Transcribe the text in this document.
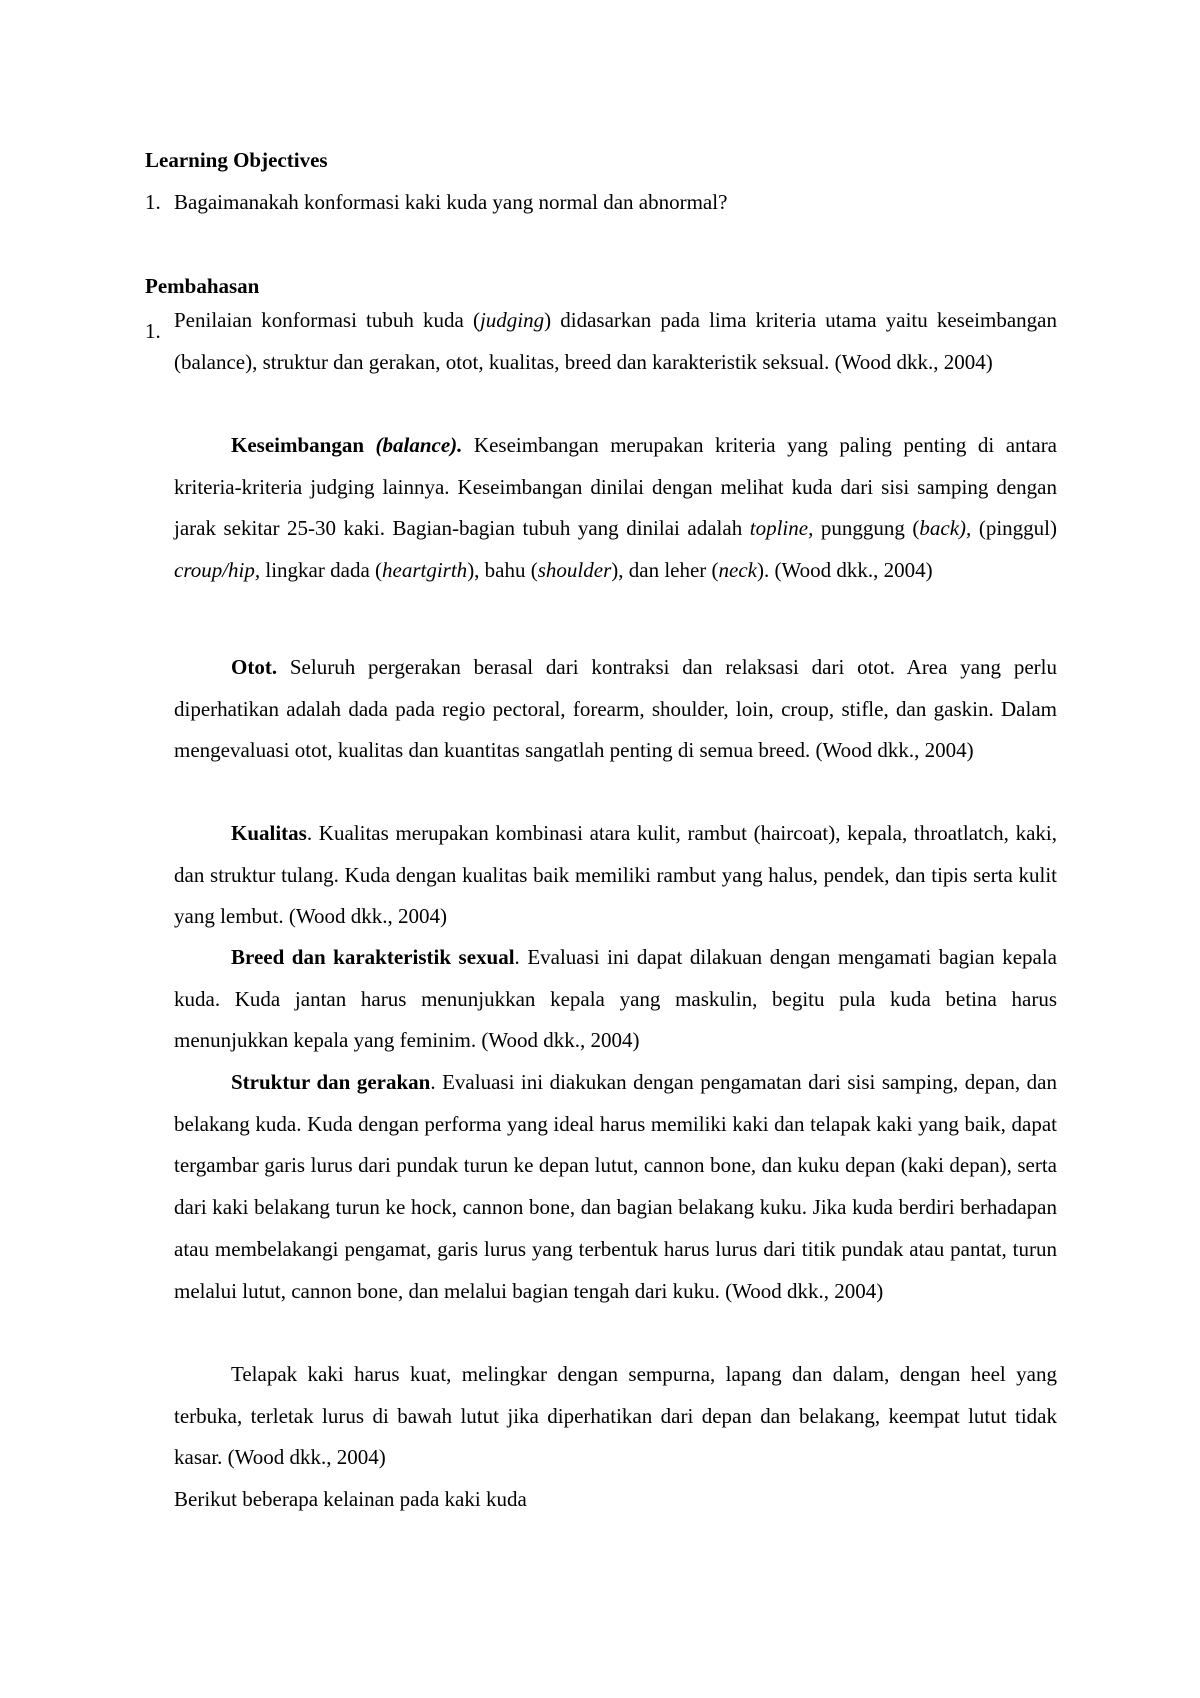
Learning Objectives
1. Bagaimanakah konformasi kaki kuda yang normal dan abnormal?
Pembahasan
1. Penilaian konformasi tubuh kuda (judging) didasarkan pada lima kriteria utama yaitu keseimbangan (balance), struktur dan gerakan, otot, kualitas, breed dan karakteristik seksual. (Wood dkk., 2004)

Keseimbangan (balance). Keseimbangan merupakan kriteria yang paling penting di antara kriteria-kriteria judging lainnya. Keseimbangan dinilai dengan melihat kuda dari sisi samping dengan jarak sekitar 25-30 kaki. Bagian-bagian tubuh yang dinilai adalah topline, punggung (back), (pinggul) croup/hip, lingkar dada (heartgirth), bahu (shoulder), dan leher (neck). (Wood dkk., 2004)

Otot. Seluruh pergerakan berasal dari kontraksi dan relaksasi dari otot. Area yang perlu diperhatikan adalah dada pada regio pectoral, forearm, shoulder, loin, croup, stifle, dan gaskin. Dalam mengevaluasi otot, kualitas dan kuantitas sangatlah penting di semua breed. (Wood dkk., 2004)

Kualitas. Kualitas merupakan kombinasi atara kulit, rambut (haircoat), kepala, throatlatch, kaki, dan struktur tulang. Kuda dengan kualitas baik memiliki rambut yang halus, pendek, dan tipis serta kulit yang lembut. (Wood dkk., 2004)

Breed dan karakteristik sexual. Evaluasi ini dapat dilakuan dengan mengamati bagian kepala kuda. Kuda jantan harus menunjukkan kepala yang maskulin, begitu pula kuda betina harus menunjukkan kepala yang feminim. (Wood dkk., 2004)

Struktur dan gerakan. Evaluasi ini diakukan dengan pengamatan dari sisi samping, depan, dan belakang kuda. Kuda dengan performa yang ideal harus memiliki kaki dan telapak kaki yang baik, dapat tergambar garis lurus dari pundak turun ke depan lutut, cannon bone, dan kuku depan (kaki depan), serta dari kaki belakang turun ke hock, cannon bone, dan bagian belakang kuku. Jika kuda berdiri berhadapan atau membelakangi pengamat, garis lurus yang terbentuk harus lurus dari titik pundak atau pantat, turun melalui lutut, cannon bone, dan melalui bagian tengah dari kuku. (Wood dkk., 2004)

Telapak kaki harus kuat, melingkar dengan sempurna, lapang dan dalam, dengan heel yang terbuka, terletak lurus di bawah lutut jika diperhatikan dari depan dan belakang, keempat lutut tidak kasar. (Wood dkk., 2004)

Berikut beberapa kelainan pada kaki kuda
